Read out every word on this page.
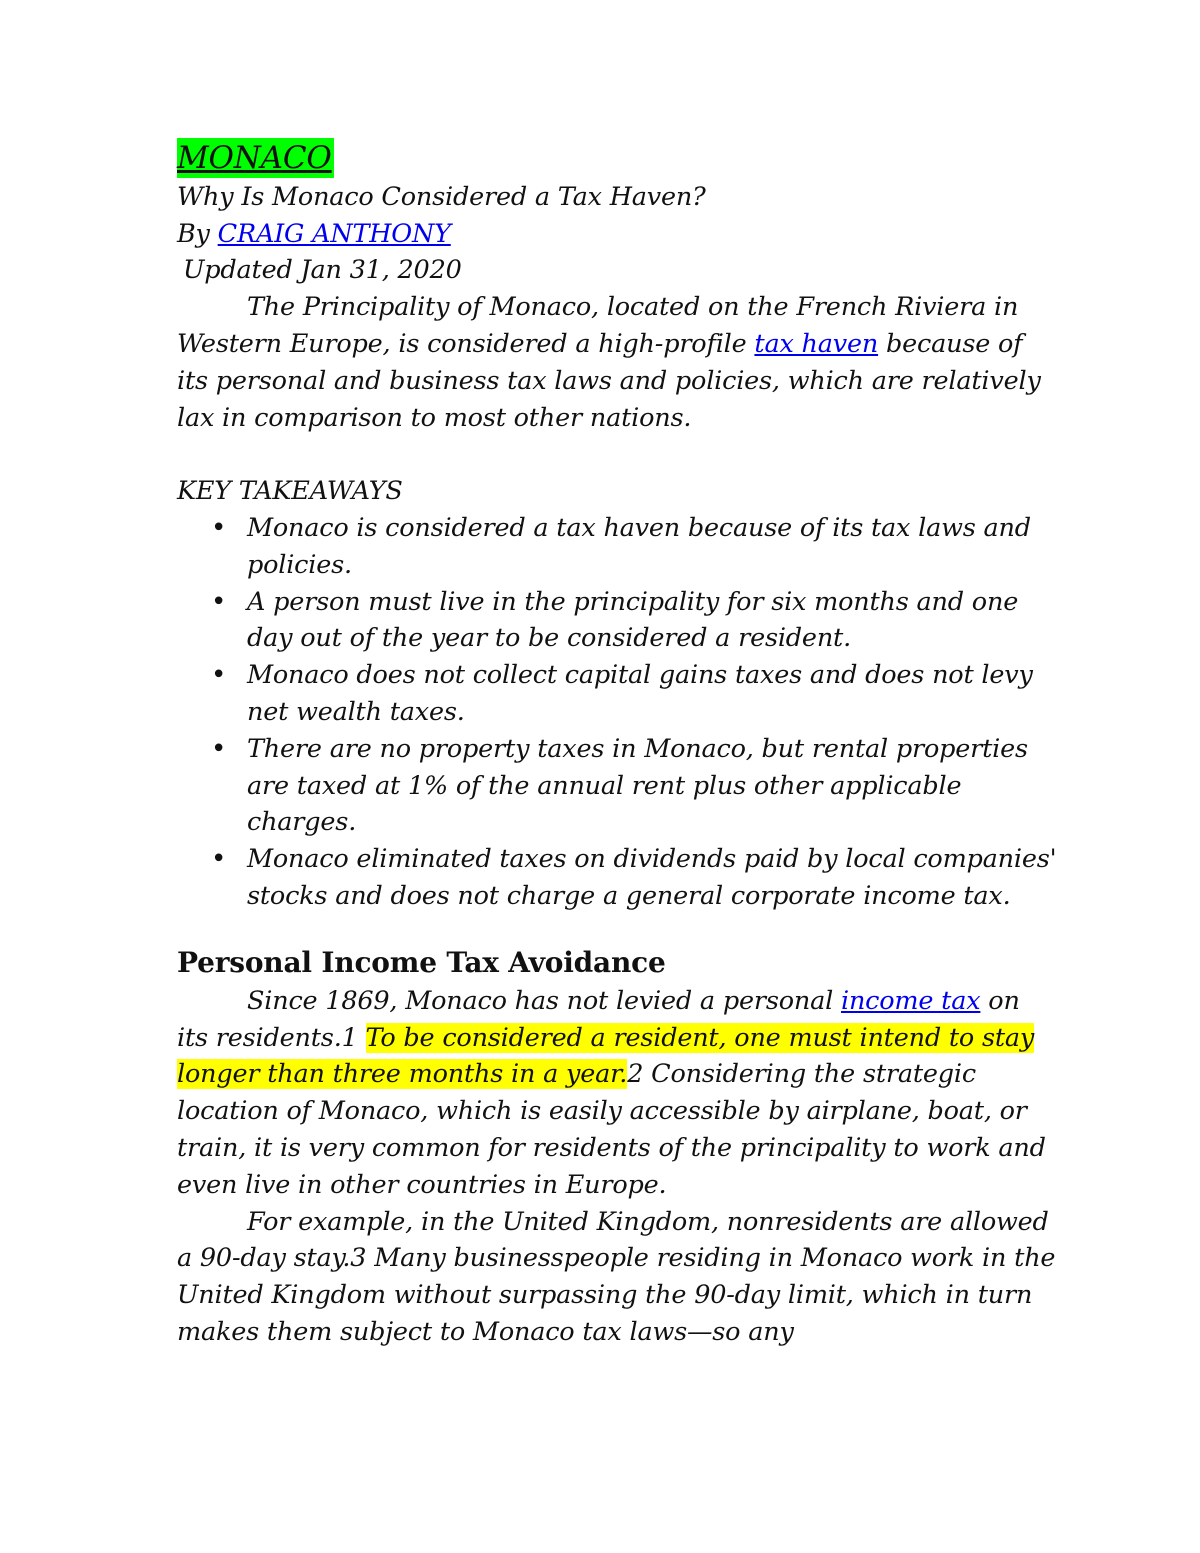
MONACO
Why Is Monaco Considered a Tax Haven?
By CRAIG ANTHONY
Updated Jan 31, 2020

The Principality of Monaco, located on the French Riviera in Western Europe, is considered a high-profile tax haven because of its personal and business tax laws and policies, which are relatively lax in comparison to most other nations.

KEY TAKEAWAYS
• Monaco is considered a tax haven because of its tax laws and policies.
• A person must live in the principality for six months and one day out of the year to be considered a resident.
• Monaco does not collect capital gains taxes and does not levy net wealth taxes.
• There are no property taxes in Monaco, but rental properties are taxed at 1% of the annual rent plus other applicable charges.
• Monaco eliminated taxes on dividends paid by local companies' stocks and does not charge a general corporate income tax.
Personal Income Tax Avoidance

Since 1869, Monaco has not levied a personal income tax on its residents.1 To be considered a resident, one must intend to stay longer than three months in a year.2 Considering the strategic location of Monaco, which is easily accessible by airplane, boat, or train, it is very common for residents of the principality to work and even live in other countries in Europe.

For example, in the United Kingdom, nonresidents are allowed a 90-day stay.3 Many businesspeople residing in Monaco work in the United Kingdom without surpassing the 90-day limit, which in turn makes them subject to Monaco tax laws—so any
